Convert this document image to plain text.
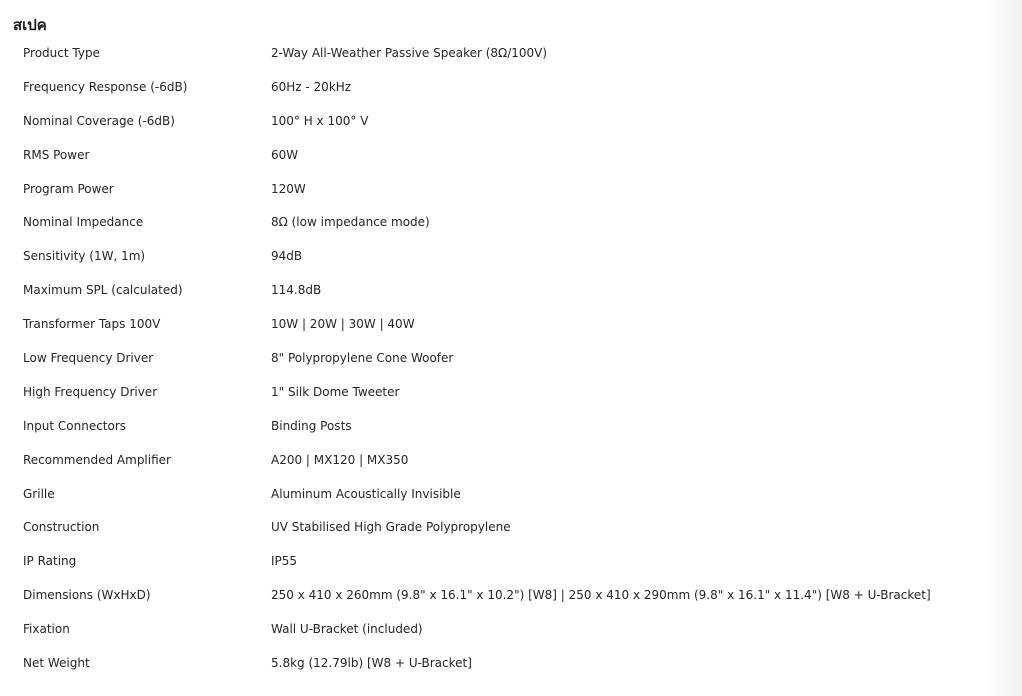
สเปค
Product Type	2-Way All-Weather Passive Speaker (8Ω/100V)
Frequency Response (-6dB)	60Hz - 20kHz
Nominal Coverage (-6dB)	100° H x 100° V
RMS Power	60W
Program Power	120W
Nominal Impedance	8Ω (low impedance mode)
Sensitivity (1W, 1m)	94dB
Maximum SPL (calculated)	114.8dB
Transformer Taps 100V	10W | 20W | 30W | 40W
Low Frequency Driver	8" Polypropylene Cone Woofer
High Frequency Driver	1" Silk Dome Tweeter
Input Connectors	Binding Posts
Recommended Amplifier	A200 | MX120 | MX350
Grille	Aluminum Acoustically Invisible
Construction	UV Stabilised High Grade Polypropylene
IP Rating	IP55
Dimensions (WxHxD)	250 x 410 x 260mm (9.8" x 16.1" x 10.2") [W8] | 250 x 410 x 290mm (9.8" x 16.1" x 11.4") [W8 + U-Bracket]
Fixation	Wall U-Bracket (included)
Net Weight	5.8kg (12.79lb) [W8 + U-Bracket]
